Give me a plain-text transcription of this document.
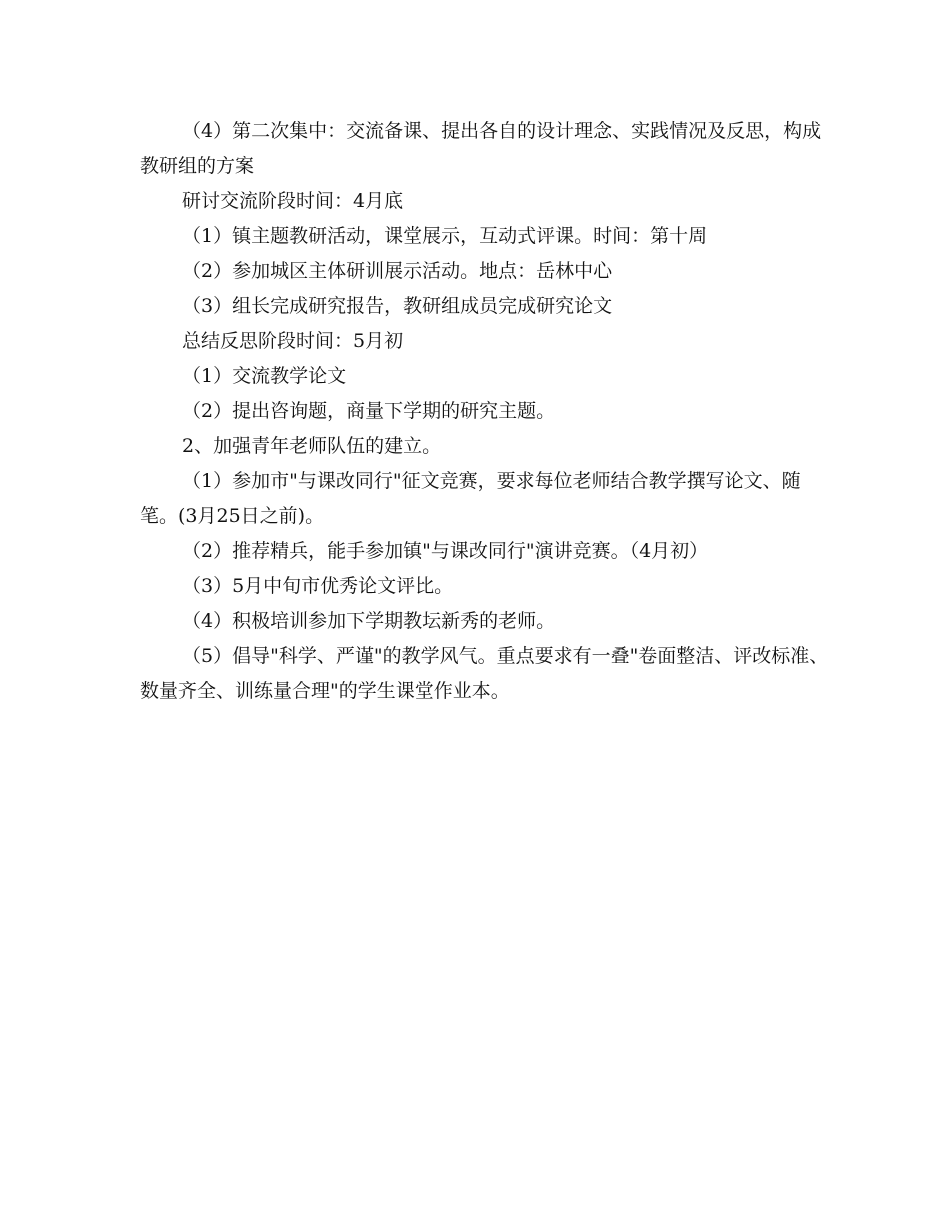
（4）第二次集中：交流备课、提出各自的设计理念、实践情况及反思，构成教研组的方案

研讨交流阶段时间：4月底

（1）镇主题教研活动，课堂展示，互动式评课。时间：第十周

（2）参加城区主体研训展示活动。地点：岳林中心

（3）组长完成研究报告，教研组成员完成研究论文

总结反思阶段时间：5月初

（1）交流教学论文

（2）提出咨询题，商量下学期的研究主题。

2、加强青年老师队伍的建立。

（1）参加市"与课改同行"征文竞赛，要求每位老师结合教学撰写论文、随笔。(3月25日之前)。

（2）推荐精兵，能手参加镇"与课改同行"演讲竞赛。（4月初）

（3）5月中旬市优秀论文评比。

（4）积极培训参加下学期教坛新秀的老师。

（5）倡导"科学、严谨"的教学风气。重点要求有一叠"卷面整洁、评改标准、数量齐全、训练量合理"的学生课堂作业本。
